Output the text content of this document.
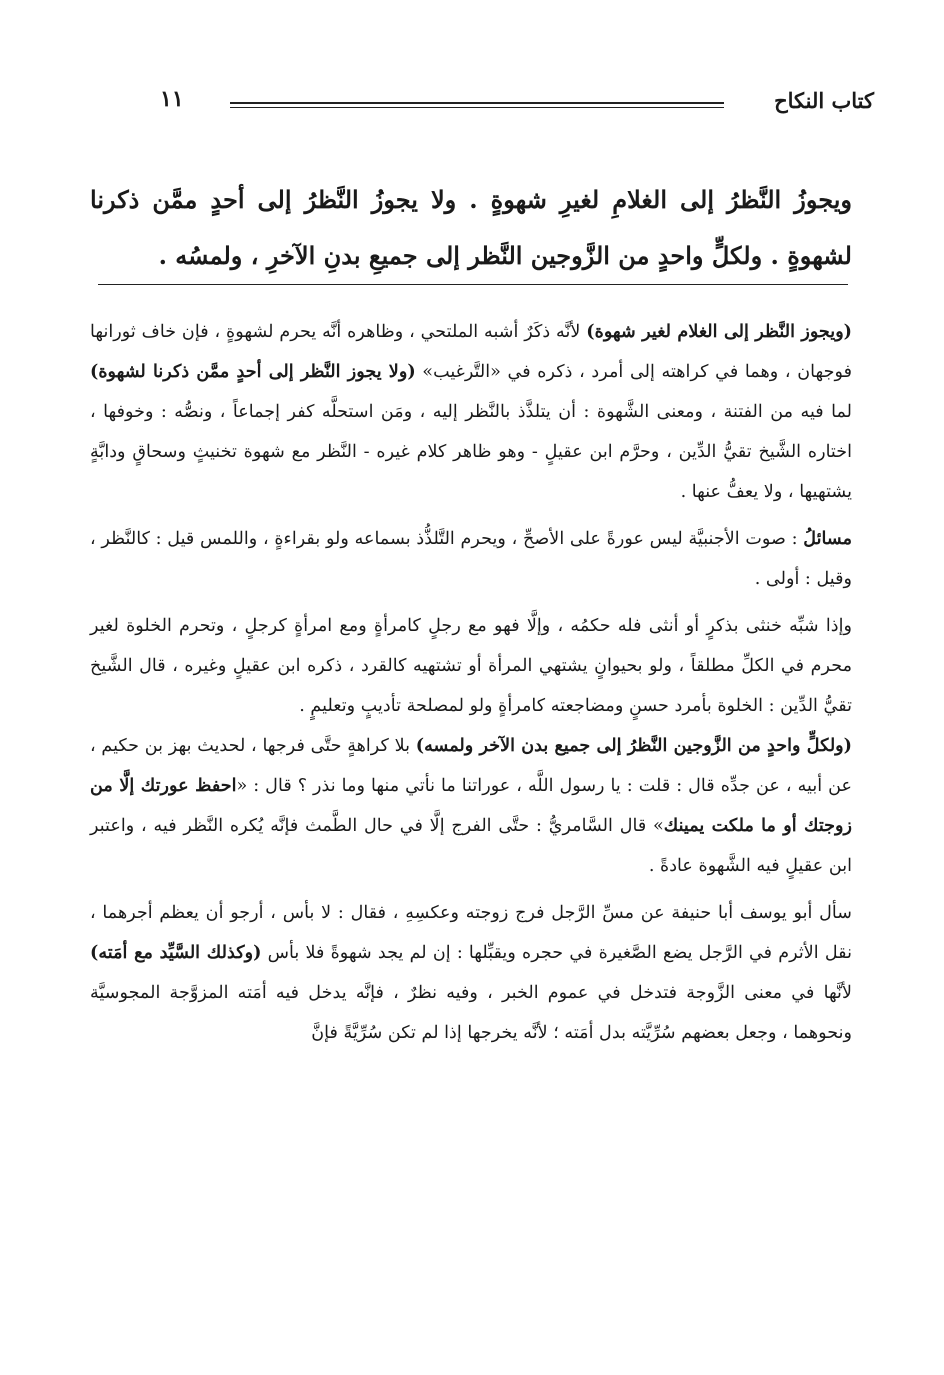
كتاب النكاح
١١
ويجوزُ النَّظرُ إلى الغلامِ لغيرِ شهوةٍ . ولا يجوزُ النَّظرُ إلى أحدٍ ممَّن ذكرنا لشهوةٍ . ولكلٍّ واحدٍ من الزَّوجين النَّظر إلى جميعِ بدنِ الآخرِ ، ولمسُه .

(ويجوز النَّظر إلى الغلام لغير شهوة) لأنَّه ذكَرٌ أشبه الملتحي ، وظاهره أنَّه يحرم لشهوةٍ ، فإن خاف ثورانها فوجهان ، وهما في كراهته إلى أمرد ، ذكره في «التَّرغيب» (ولا يجوز النَّظر إلى أحدٍ ممَّن ذكرنا لشهوة) لما فيه من الفتنة ، ومعنى الشَّهوة : أن يتلذَّذ بالنَّظر إليه ، ومَن استحلَّه كفر إجماعاً ، ونصُّه : وخوفها ، اختاره الشَّيخ تقيُّ الدِّين ، وحرَّم ابن عقيلٍ - وهو ظاهر كلام غيره - النَّظر مع شهوة تخنيثٍ وسحاقٍ ودابَّةٍ يشتهيها ، ولا يعفُّ عنها .

مسائلُ : صوت الأجنبيَّة ليس عورةً على الأصحِّ ، ويحرم التَّلذُّذ بسماعه ولو بقراءةٍ ، واللمس قيل : كالنَّظر ، وقيل : أولى .

وإذا شبِّه خنثى بذكرٍ أو أنثى فله حكمُه ، وإلَّا فهو مع رجلٍ كامرأةٍ ومع امرأةٍ كرجلٍ ، وتحرم الخلوة لغير محرم في الكلِّ مطلقاً ، ولو بحيوانٍ يشتهي المرأة أو تشتهيه كالقرد ، ذكره ابن عقيلٍ وغيره ، قال الشَّيخ تقيُّ الدِّين : الخلوة بأمرد حسنٍ ومضاجعته كامرأةٍ ولو لمصلحة تأديبٍ وتعليمٍ .

(ولكلٍّ واحدٍ من الزَّوجين النَّظرُ إلى جميع بدن الآخر ولمسه) بلا كراهةٍ حتَّى فرجها ، لحديث بهز بن حكيم ، عن أبيه ، عن جدِّه قال : قلت : يا رسول اللَّه ، عوراتنا ما نأتي منها وما نذر ؟ قال : «احفظ عورتك إلَّا من زوجتك أو ما ملكت يمينك» قال السَّامريُّ : حتَّى الفرج إلَّا في حال الطَّمث فإنَّه يُكره النَّظر فيه ، واعتبر ابن عقيلٍ فيه الشَّهوة عادةً .

سأل أبو يوسف أبا حنيفة عن مسِّ الرَّجل فرج زوجته وعكسِهِ ، فقال : لا بأس ، أرجو أن يعظم أجرهما ، نقل الأثرم في الرَّجل يضع الصَّغيرة في حجره ويقبِّلها : إن لم يجد شهوةً فلا بأس (وكذلك السَّيِّد مع أمَته) لأنَّها في معنى الزَّوجة فتدخل في عموم الخبر ، وفيه نظرٌ ، فإنَّه يدخل فيه أمَته المزوَّجة المجوسيَّة ونحوهما ، وجعل بعضهم سُرِّيَّته بدل أمَته ؛ لأنَّه يخرجها إذا لم تكن سُرِّيَّةً فإنَّ
